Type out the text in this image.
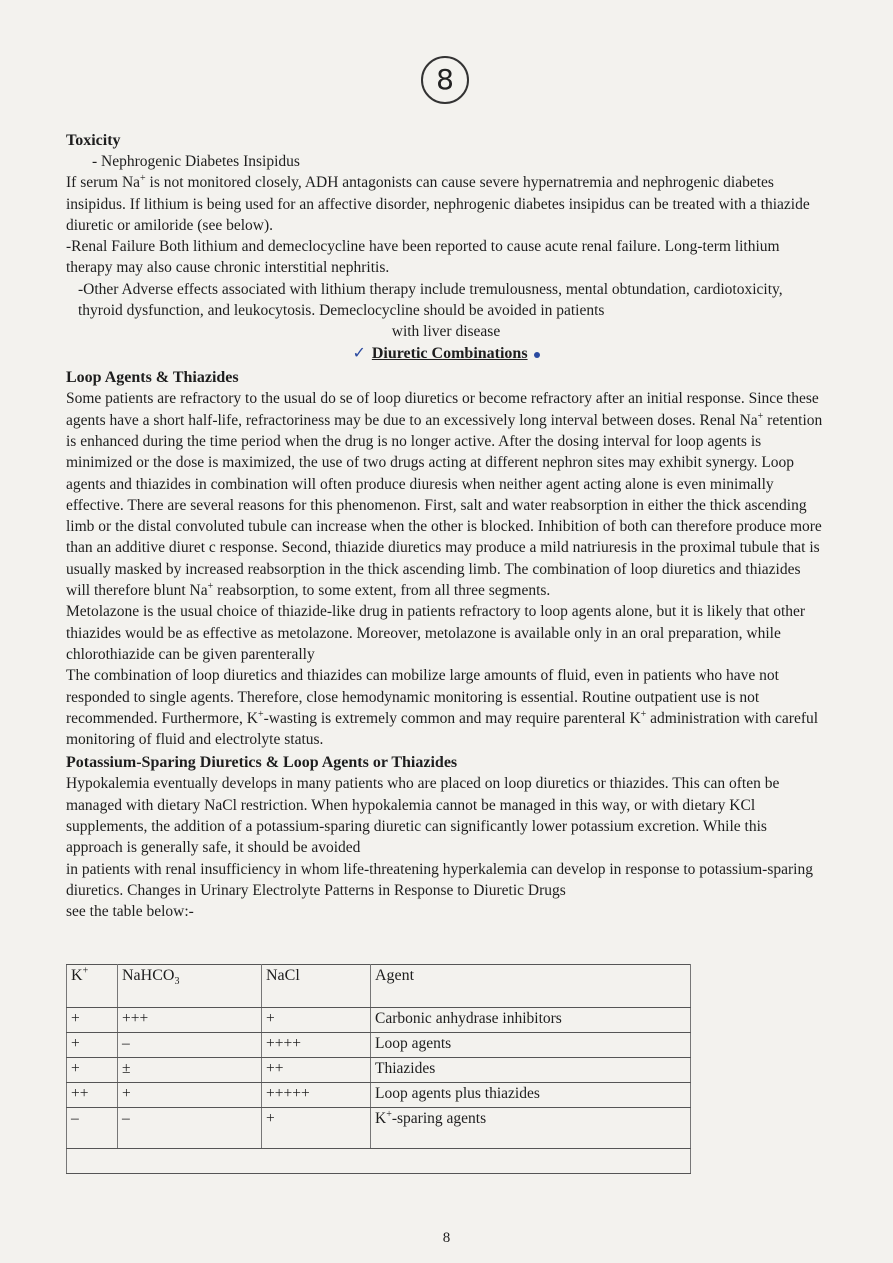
8

Toxicity

- Nephrogenic Diabetes Insipidus

If serum Na+ is not monitored closely, ADH antagonists can cause severe hypernatremia and nephrogenic diabetes insipidus. If lithium is being used for an affective disorder, nephrogenic diabetes insipidus can be treated with a thiazide diuretic or amiloride (see below).

-Renal Failure Both lithium and demeclocycline have been reported to cause acute renal failure. Long-term lithium therapy may also cause chronic interstitial nephritis.

-Other Adverse effects associated with lithium therapy include tremulousness, mental obtundation, cardiotoxicity, thyroid dysfunction, and leukocytosis. Demeclocycline should be avoided in patients

with liver disease

✓ Diuretic Combinations

Loop Agents & Thiazides

Some patients are refractory to the usual do se of loop diuretics or become refractory after an initial response. Since these agents have a short half-life, refractoriness may be due to an excessively long interval between doses. Renal Na+ retention is enhanced during the time period when the drug is no longer active. After the dosing interval for loop agents is minimized or the dose is maximized, the use of two drugs acting at different nephron sites may exhibit synergy. Loop agents and thiazides in combination will often produce diuresis when neither agent acting alone is even minimally effective. There are several reasons for this phenomenon. First, salt and water reabsorption in either the thick ascending limb or the distal convoluted tubule can increase when the other is blocked. Inhibition of both can therefore produce more than an additive diuret c response. Second, thiazide diuretics may produce a mild natriuresis in the proximal tubule that is usually masked by increased reabsorption in the thick ascending limb. The combination of loop diuretics and thiazides will therefore blunt Na+ reabsorption, to some extent, from all three segments.

Metolazone is the usual choice of thiazide-like drug in patients refractory to loop agents alone, but it is likely that other thiazides would be as effective as metolazone. Moreover, metolazone is available only in an oral preparation, while chlorothiazide can be given parenterally

The combination of loop diuretics and thiazides can mobilize large amounts of fluid, even in patients who have not responded to single agents. Therefore, close hemodynamic monitoring is essential. Routine outpatient use is not recommended. Furthermore, K+-wasting is extremely common and may require parenteral K+ administration with careful monitoring of fluid and electrolyte status.

Potassium-Sparing Diuretics & Loop Agents or Thiazides

Hypokalemia eventually develops in many patients who are placed on loop diuretics or thiazides. This can often be managed with dietary NaCl restriction. When hypokalemia cannot be managed in this way, or with dietary KCl supplements, the addition of a potassium-sparing diuretic can significantly lower potassium excretion. While this approach is generally safe, it should be avoided

in patients with renal insufficiency in whom life-threatening hyperkalemia can develop in response to potassium-sparing diuretics. Changes in Urinary Electrolyte Patterns in Response to Diuretic Drugs

see the table below:-

K+	NaHCO$_3$	NaCl	Agent
+	+++	+	Carbonic anhydrase inhibitors
+	–	++++	Loop agents
+	±	++	Thiazides
++	+	+++++	Loop agents plus thiazides
–	–	+	K+-sparing agents

8
